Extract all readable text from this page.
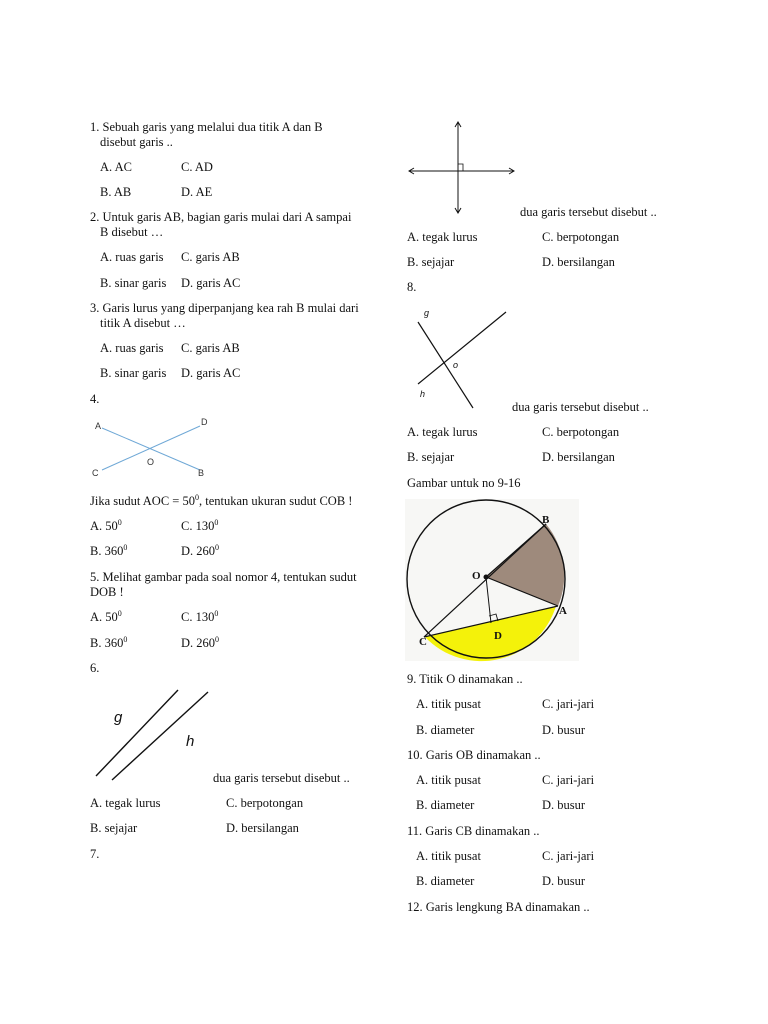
1. Sebuah garis yang melalui dua titik A dan B
disebut garis ..
A. AC	C. AD
B. AB	D. AE
2. Untuk garis AB, bagian garis mulai dari A sampai
B disebut …
A. ruas garis C. garis AB
B. sinar garis D. garis AC
3. Garis lurus yang diperpanjang kea rah B mulai dari
titik A disebut …
A. ruas garis C. garis AB
B. sinar garis D. garis AC
4.
A	D
O
C	B
Jika sudut AOC = $50^0$, tentukan ukuran sudut COB !
A. $50^0$	C. $130^0$
B. $360^0$	D. $260^0$
5. Melihat gambar pada soal nomor 4, tentukan sudut
DOB !
A. $50^0$	C. $130^0$
B. $360^0$	D. $260^0$
6.
g
h
dua garis tersebut disebut ..
A. tegak lurus	C. berpotongan
B. sejajar	D. bersilangan
7.
dua garis tersebut disebut ..
A. tegak lurus	C. berpotongan
B. sejajar	D. bersilangan
8.
g
o
h
dua garis tersebut disebut ..
A. tegak lurus	C. berpotongan
B. sejajar	D. bersilangan
Gambar untuk no 9-16
B
O
A
D
C
9. Titik O dinamakan ..
A. titik pusat	C. jari-jari
B. diameter	D. busur
10. Garis OB dinamakan ..
A. titik pusat	C. jari-jari
B. diameter	D. busur
11. Garis CB dinamakan ..
A. titik pusat	C. jari-jari
B. diameter	D. busur
12. Garis lengkung BA dinamakan ..
